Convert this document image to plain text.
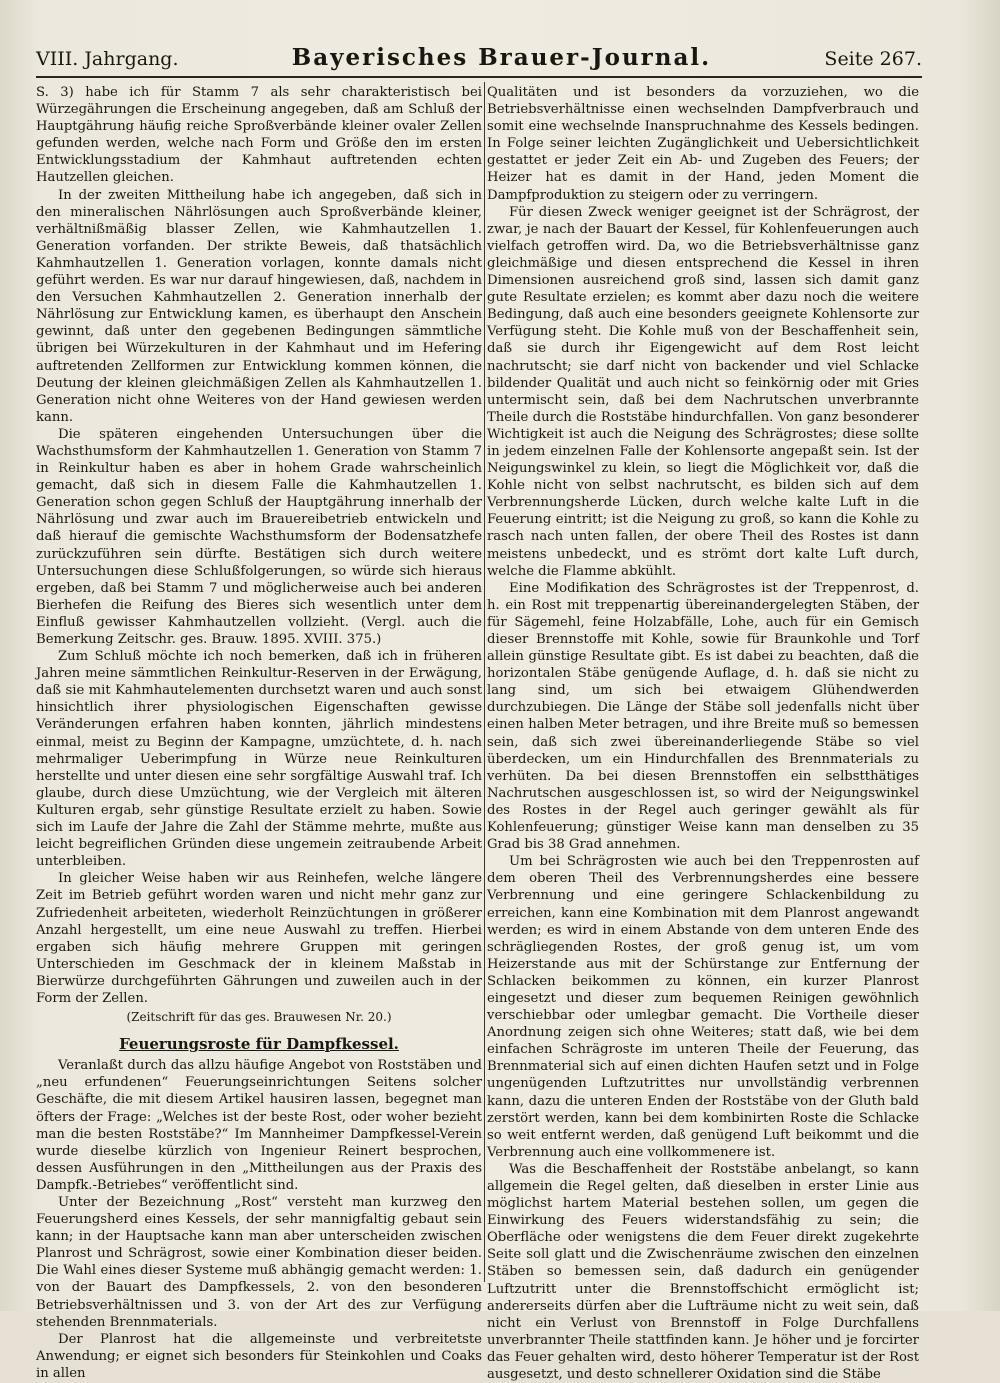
VIII. Jahrgang.	Bayerisches Brauer-Journal.	Seite 267.

S. 3) habe ich für Stamm 7 als sehr charakteristisch bei Würzegährungen die Erscheinung angegeben, daß am Schluß der Hauptgährung häufig reiche Sproßverbände kleiner ovaler Zellen gefunden werden, welche nach Form und Größe den im ersten Entwicklungsstadium der Kahmhaut auftretenden echten Hautzellen gleichen.

In der zweiten Mittheilung habe ich angegeben, daß sich in den mineralischen Nährlösungen auch Sproßverbände kleiner, verhältnißmäßig blasser Zellen, wie Kahmhautzellen 1. Generation vorfanden. Der strikte Beweis, daß thatsächlich Kahmhautzellen 1. Generation vorlagen, konnte damals nicht geführt werden. Es war nur darauf hingewiesen, daß, nachdem in den Versuchen Kahmhautzellen 2. Generation innerhalb der Nährlösung zur Entwicklung kamen, es überhaupt den Anschein gewinnt, daß unter den gegebenen Bedingungen sämmtliche übrigen bei Würzekulturen in der Kahmhaut und im Hefering auftretenden Zellformen zur Entwicklung kommen können, die Deutung der kleinen gleichmäßigen Zellen als Kahmhautzellen 1. Generation nicht ohne Weiteres von der Hand gewiesen werden kann.

Die späteren eingehenden Untersuchungen über die Wachsthumsform der Kahmhautzellen 1. Generation von Stamm 7 in Reinkultur haben es aber in hohem Grade wahrscheinlich gemacht, daß sich in diesem Falle die Kahmhautzellen 1. Generation schon gegen Schluß der Hauptgährung innerhalb der Nährlösung und zwar auch im Brauereibetrieb entwickeln und daß hierauf die gemischte Wachsthumsform der Bodensatzhefe zurückzuführen sein dürfte. Bestätigen sich durch weitere Untersuchungen diese Schlußfolgerungen, so würde sich hieraus ergeben, daß bei Stamm 7 und möglicherweise auch bei anderen Bierhefen die Reifung des Bieres sich wesentlich unter dem Einfluß gewisser Kahmhautzellen vollzieht. (Vergl. auch die Bemerkung Zeitschr. ges. Brauw. 1895. XVIII. 375.)

Zum Schluß möchte ich noch bemerken, daß ich in früheren Jahren meine sämmtlichen Reinkultur-Reserven in der Erwägung, daß sie mit Kahmhautelementen durchsetzt waren und auch sonst hinsichtlich ihrer physiologischen Eigenschaften gewisse Veränderungen erfahren haben konnten, jährlich mindestens einmal, meist zu Beginn der Kampagne, umzüchtete, d. h. nach mehrmaliger Ueberimpfung in Würze neue Reinkulturen herstellte und unter diesen eine sehr sorgfältige Auswahl traf. Ich glaube, durch diese Umzüchtung, wie der Vergleich mit älteren Kulturen ergab, sehr günstige Resultate erzielt zu haben. Sowie sich im Laufe der Jahre die Zahl der Stämme mehrte, mußte aus leicht begreiflichen Gründen diese ungemein zeitraubende Arbeit unterbleiben.

In gleicher Weise haben wir aus Reinhefen, welche längere Zeit im Betrieb geführt worden waren und nicht mehr ganz zur Zufriedenheit arbeiteten, wiederholt Reinzüchtungen in größerer Anzahl hergestellt, um eine neue Auswahl zu treffen. Hierbei ergaben sich häufig mehrere Gruppen mit geringen Unterschieden im Geschmack der in kleinem Maßstab in Bierwürze durchgeführten Gährungen und zuweilen auch in der Form der Zellen.

(Zeitschrift für das ges. Brauwesen Nr. 20.)

Feuerungsroste für Dampfkessel.

Veranlaßt durch das allzu häufige Angebot von Roststäben und „neu erfundenen“ Feuerungseinrichtungen Seitens solcher Geschäfte, die mit diesem Artikel hausiren lassen, begegnet man öfters der Frage: „Welches ist der beste Rost, oder woher bezieht man die besten Roststäbe?“ Im Mannheimer Dampfkessel-Verein wurde dieselbe kürzlich von Ingenieur Reinert besprochen, dessen Ausführungen in den „Mittheilungen aus der Praxis des Dampfk.-Betriebes“ veröffentlicht sind.

Unter der Bezeichnung „Rost“ versteht man kurzweg den Feuerungsherd eines Kessels, der sehr mannigfaltig gebaut sein kann; in der Hauptsache kann man aber unterscheiden zwischen Planrost und Schrägrost, sowie einer Kombination dieser beiden. Die Wahl eines dieser Systeme muß abhängig gemacht werden: 1. von der Bauart des Dampfkessels, 2. von den besonderen Betriebsverhältnissen und 3. von der Art des zur Verfügung stehenden Brennmaterials.

Der Planrost hat die allgemeinste und verbreitetste Anwendung; er eignet sich besonders für Steinkohlen und Coaks in allen

Qualitäten und ist besonders da vorzuziehen, wo die Betriebsverhältnisse einen wechselnden Dampfverbrauch und somit eine wechselnde Inanspruchnahme des Kessels bedingen. In Folge seiner leichten Zugänglichkeit und Uebersichtlichkeit gestattet er jeder Zeit ein Ab- und Zugeben des Feuers; der Heizer hat es damit in der Hand, jeden Moment die Dampfproduktion zu steigern oder zu verringern.

Für diesen Zweck weniger geeignet ist der Schrägrost, der zwar, je nach der Bauart der Kessel, für Kohlenfeuerungen auch vielfach getroffen wird. Da, wo die Betriebsverhältnisse ganz gleichmäßige und diesen entsprechend die Kessel in ihren Dimensionen ausreichend groß sind, lassen sich damit ganz gute Resultate erzielen; es kommt aber dazu noch die weitere Bedingung, daß auch eine besonders geeignete Kohlensorte zur Verfügung steht. Die Kohle muß von der Beschaffenheit sein, daß sie durch ihr Eigengewicht auf dem Rost leicht nachrutscht; sie darf nicht von backender und viel Schlacke bildender Qualität und auch nicht so feinkörnig oder mit Gries untermischt sein, daß bei dem Nachrutschen unverbrannte Theile durch die Roststäbe hindurchfallen. Von ganz besonderer Wichtigkeit ist auch die Neigung des Schrägrostes; diese sollte in jedem einzelnen Falle der Kohlensorte angepaßt sein. Ist der Neigungswinkel zu klein, so liegt die Möglichkeit vor, daß die Kohle nicht von selbst nachrutscht, es bilden sich auf dem Verbrennungsherde Lücken, durch welche kalte Luft in die Feuerung eintritt; ist die Neigung zu groß, so kann die Kohle zu rasch nach unten fallen, der obere Theil des Rostes ist dann meistens unbedeckt, und es strömt dort kalte Luft durch, welche die Flamme abkühlt.

Eine Modifikation des Schrägrostes ist der Treppenrost, d. h. ein Rost mit treppenartig übereinandergelegten Stäben, der für Sägemehl, feine Holzabfälle, Lohe, auch für ein Gemisch dieser Brennstoffe mit Kohle, sowie für Braunkohle und Torf allein günstige Resultate gibt. Es ist dabei zu beachten, daß die horizontalen Stäbe genügende Auflage, d. h. daß sie nicht zu lang sind, um sich bei etwaigem Glühendwerden durchzubiegen. Die Länge der Stäbe soll jedenfalls nicht über einen halben Meter betragen, und ihre Breite muß so bemessen sein, daß sich zwei übereinanderliegende Stäbe so viel überdecken, um ein Hindurchfallen des Brennmaterials zu verhüten. Da bei diesen Brennstoffen ein selbstthätiges Nachrutschen ausgeschlossen ist, so wird der Neigungswinkel des Rostes in der Regel auch geringer gewählt als für Kohlenfeuerung; günstiger Weise kann man denselben zu 35 Grad bis 38 Grad annehmen.

Um bei Schrägrosten wie auch bei den Treppenrosten auf dem oberen Theil des Verbrennungsherdes eine bessere Verbrennung und eine geringere Schlackenbildung zu erreichen, kann eine Kombination mit dem Planrost angewandt werden; es wird in einem Abstande von dem unteren Ende des schrägliegenden Rostes, der groß genug ist, um vom Heizerstande aus mit der Schürstange zur Entfernung der Schlacken beikommen zu können, ein kurzer Planrost eingesetzt und dieser zum bequemen Reinigen gewöhnlich verschiebbar oder umlegbar gemacht. Die Vortheile dieser Anordnung zeigen sich ohne Weiteres; statt daß, wie bei dem einfachen Schrägroste im unteren Theile der Feuerung, das Brennmaterial sich auf einen dichten Haufen setzt und in Folge ungenügenden Luftzutrittes nur unvollständig verbrennen kann, dazu die unteren Enden der Roststäbe von der Gluth bald zerstört werden, kann bei dem kombinirten Roste die Schlacke so weit entfernt werden, daß genügend Luft beikommt und die Verbrennung auch eine vollkommenere ist.

Was die Beschaffenheit der Roststäbe anbelangt, so kann allgemein die Regel gelten, daß dieselben in erster Linie aus möglichst hartem Material bestehen sollen, um gegen die Einwirkung des Feuers widerstandsfähig zu sein; die Oberfläche oder wenigstens die dem Feuer direkt zugekehrte Seite soll glatt und die Zwischenräume zwischen den einzelnen Stäben so bemessen sein, daß dadurch ein genügender Luftzutritt unter die Brennstoffschicht ermöglicht ist; andererseits dürfen aber die Lufträume nicht zu weit sein, daß nicht ein Verlust von Brennstoff in Folge Durchfallens unverbrannter Theile stattfinden kann. Je höher und je forcirter das Feuer gehalten wird, desto höherer Temperatur ist der Rost ausgesetzt, und desto schnellerer Oxidation sind die Stäbe
